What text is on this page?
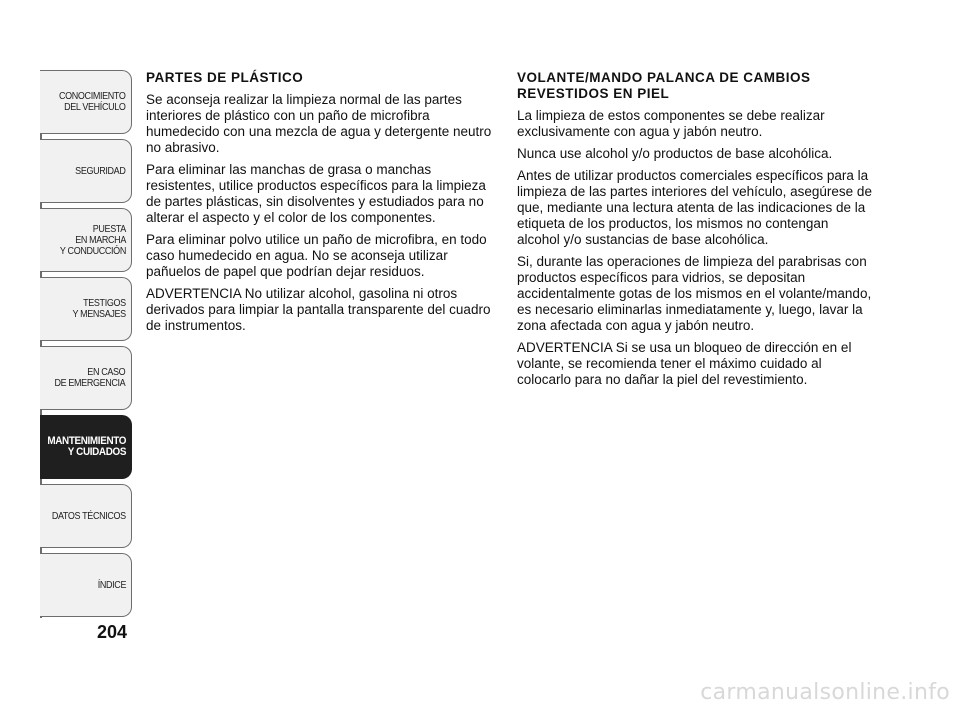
CONOCIMIENTO
DEL VEHÍCULO
SEGURIDAD
PUESTA
EN MARCHA
Y CONDUCCIÓN
TESTIGOS
Y MENSAJES
EN CASO
DE EMERGENCIA
MANTENIMIENTO
Y CUIDADOS
DATOS TÉCNICOS
ÍNDICE
204
PARTES DE PLÁSTICO

Se aconseja realizar la limpieza normal de las partes interiores de plástico con un paño de microfibra humedecido con una mezcla de agua y detergente neutro no abrasivo.

Para eliminar las manchas de grasa o manchas resistentes, utilice productos específicos para la limpieza de partes plásticas, sin disolventes y estudiados para no alterar el aspecto y el color de los componentes.

Para eliminar polvo utilice un paño de microfibra, en todo caso humedecido en agua. No se aconseja utilizar pañuelos de papel que podrían dejar residuos.

ADVERTENCIA No utilizar alcohol, gasolina ni otros derivados para limpiar la pantalla transparente del cuadro de instrumentos.

VOLANTE/MANDO PALANCA DE CAMBIOS REVESTIDOS EN PIEL

La limpieza de estos componentes se debe realizar exclusivamente con agua y jabón neutro.

Nunca use alcohol y/o productos de base alcohólica.

Antes de utilizar productos comerciales específicos para la limpieza de las partes interiores del vehículo, asegúrese de que, mediante una lectura atenta de las indicaciones de la etiqueta de los productos, los mismos no contengan alcohol y/o sustancias de base alcohólica.

Si, durante las operaciones de limpieza del parabrisas con productos específicos para vidrios, se depositan accidentalmente gotas de los mismos en el volante/mando, es necesario eliminarlas inmediatamente y, luego, lavar la zona afectada con agua y jabón neutro.

ADVERTENCIA Si se usa un bloqueo de dirección en el volante, se recomienda tener el máximo cuidado al colocarlo para no dañar la piel del revestimiento.

carmanualsonline.info
